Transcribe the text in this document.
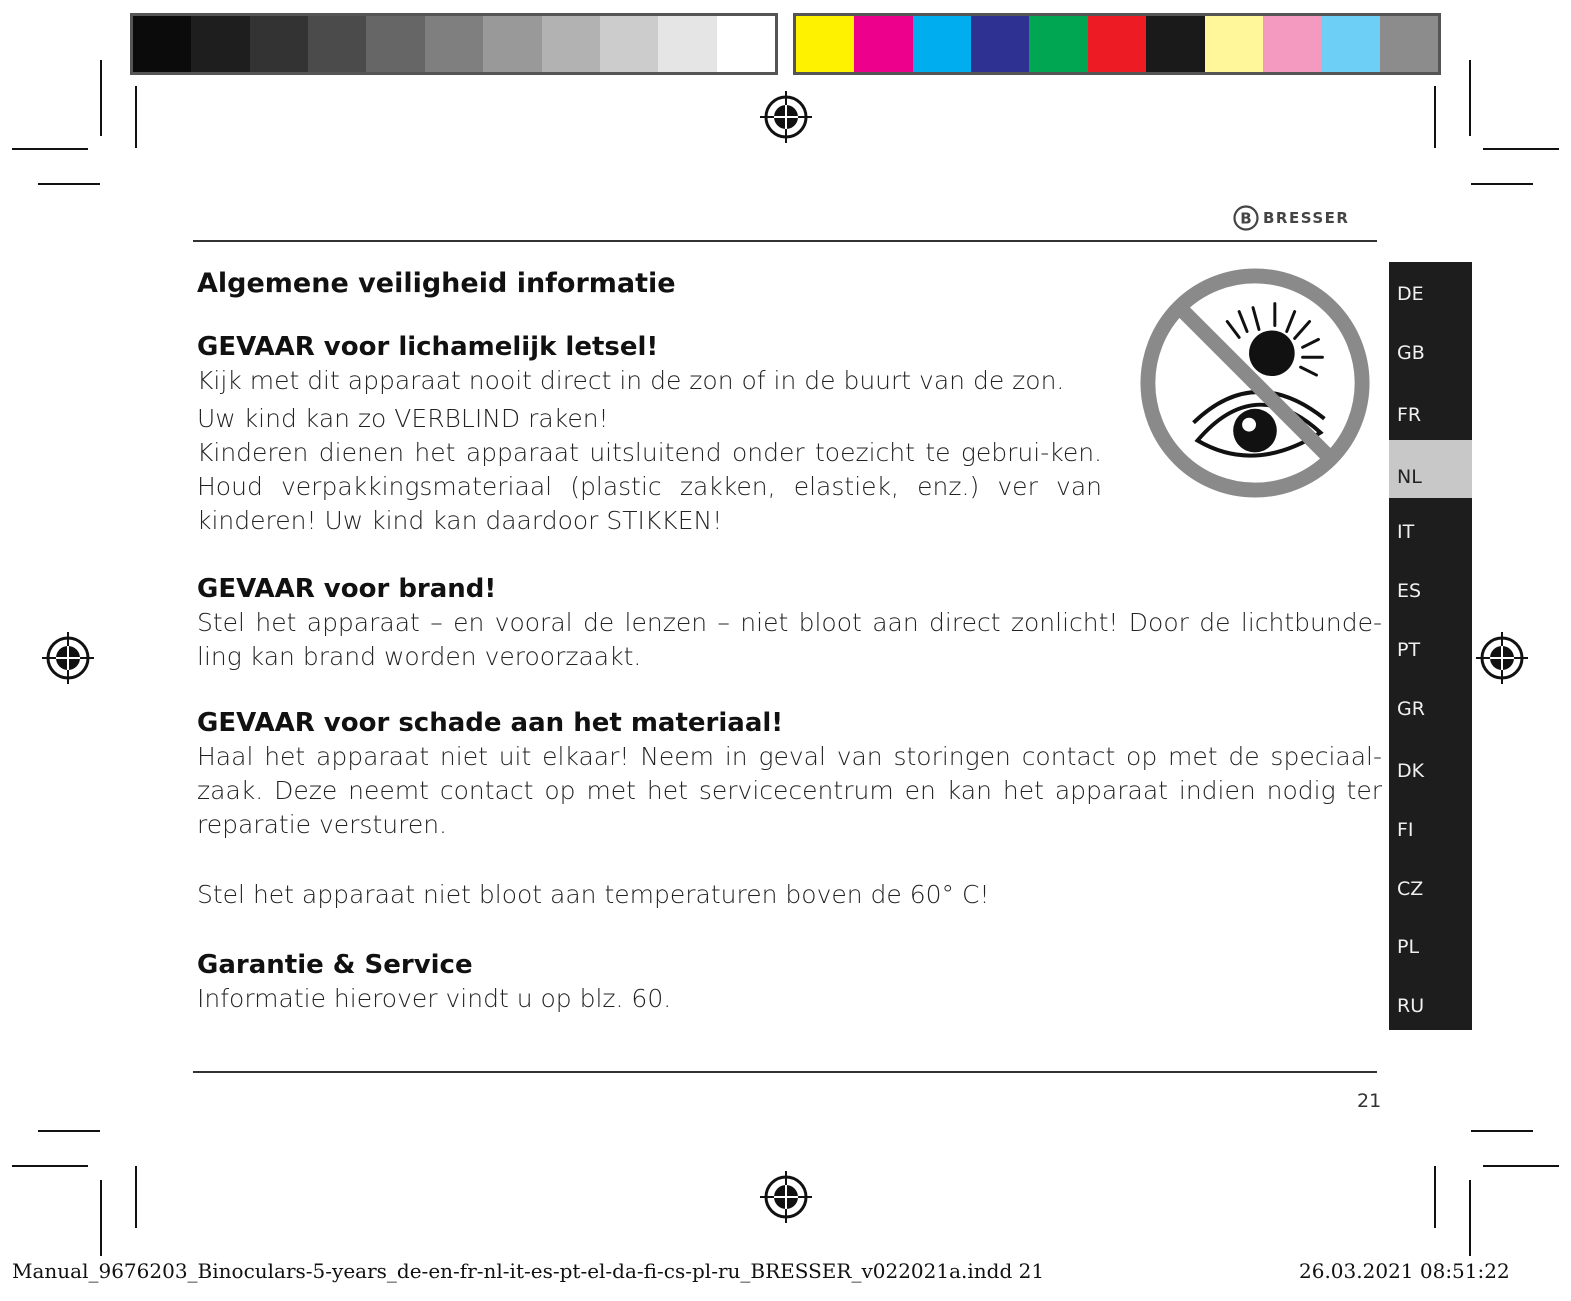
B BRESSER
Algemene veiligheid informatie
GEVAAR voor lichamelijk letsel!

Kijk met dit apparaat nooit direct in de zon of in de buurt van de zon.

Uw kind kan zo VERBLIND raken!

Kinderen dienen het apparaat uitsluitend onder toezicht te gebrui-ken. Houd verpakkingsmateriaal (plastic zakken, elastiek, enz.) ver van kinderen! Uw kind kan daardoor STIKKEN!

GEVAAR voor brand!

Stel het apparaat – en vooral de lenzen – niet bloot aan direct zonlicht! Door de lichtbunde-ling kan brand worden veroorzaakt.

GEVAAR voor schade aan het materiaal!

Haal het apparaat niet uit elkaar! Neem in geval van storingen contact op met de speciaal-zaak. Deze neemt contact op met het servicecentrum en kan het apparaat indien nodig ter reparatie versturen.

Stel het apparaat niet bloot aan temperaturen boven de 60° C!

Garantie & Service

Informatie hierover vindt u op blz. 60.

DE
GB
FR
NL
IT
ES
PT
GR
DK
FI
CZ
PL
RU
21
Manual_9676203_Binoculars-5-years_de-en-fr-nl-it-es-pt-el-da-fi-cs-pl-ru_BRESSER_v022021a.indd 21	26.03.2021 08:51:22
